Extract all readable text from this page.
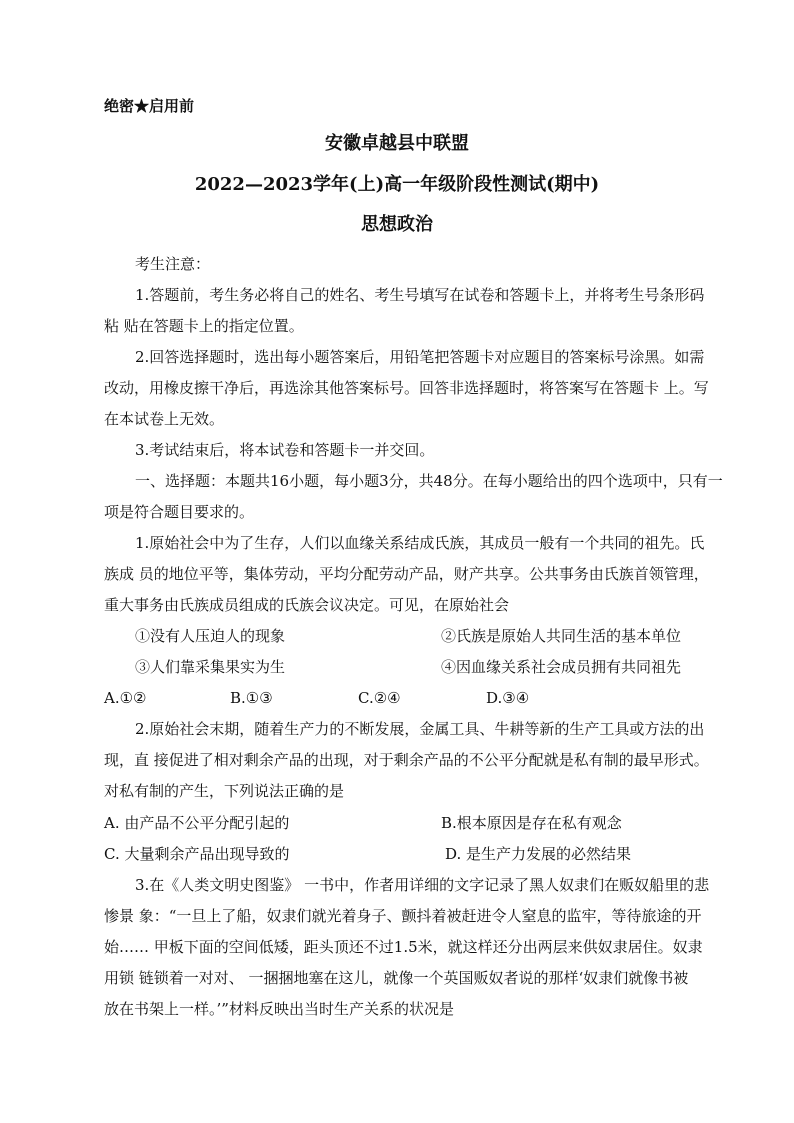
绝密★启用前
安徽卓越县中联盟
2022—2023学年(上)高一年级阶段性测试(期中)
思想政治
考生注意：
1.答题前，考生务必将自己的姓名、考生号填写在试卷和答题卡上，并将考生号条形码
粘 贴在答题卡上的指定位置。
2.回答选择题时，选出每小题答案后，用铅笔把答题卡对应题目的答案标号涂黑。如需
改动，用橡皮擦干净后，再选涂其他答案标号。回答非选择题时，将答案写在答题卡 上。写
在本试卷上无效。
3.考试结束后，将本试卷和答题卡一并交回。
一、选择题：本题共16小题，每小题3分，共48分。在每小题给出的四个选项中，只有一
项是符合题目要求的。
1.原始社会中为了生存，人们以血缘关系结成氏族，其成员一般有一个共同的祖先。氏
族成 员的地位平等，集体劳动，平均分配劳动产品，财产共享。公共事务由氏族首领管理，
重大事务由氏族成员组成的氏族会议决定。可见，在原始社会
①没有人压迫人的现象	②氏族是原始人共同生活的基本单位
③人们靠采集果实为生	④因血缘关系社会成员拥有共同祖先
A.①②	B.①③	C.②④	D.③④
2.原始社会末期，随着生产力的不断发展，金属工具、牛耕等新的生产工具或方法的出
现，直 接促进了相对剩余产品的出现，对于剩余产品的不公平分配就是私有制的最早形式。
对私有制的产生，下列说法正确的是
A. 由产品不公平分配引起的	B.根本原因是存在私有观念
C. 大量剩余产品出现导致的	D. 是生产力发展的必然结果
3.在《人类文明史图鉴》 一书中，作者用详细的文字记录了黑人奴隶们在贩奴船里的悲
惨景 象：“一旦上了船，奴隶们就光着身子、颤抖着被赶进令人窒息的监牢，等待旅途的开
始…… 甲板下面的空间低矮，距头顶还不过1.5米，就这样还分出两层来供奴隶居住。奴隶
用锁 链锁着一对对、 一捆捆地塞在这儿，就像一个英国贩奴者说的那样‘奴隶们就像书被
放在书架上一样。’”材料反映出当时生产关系的状况是
